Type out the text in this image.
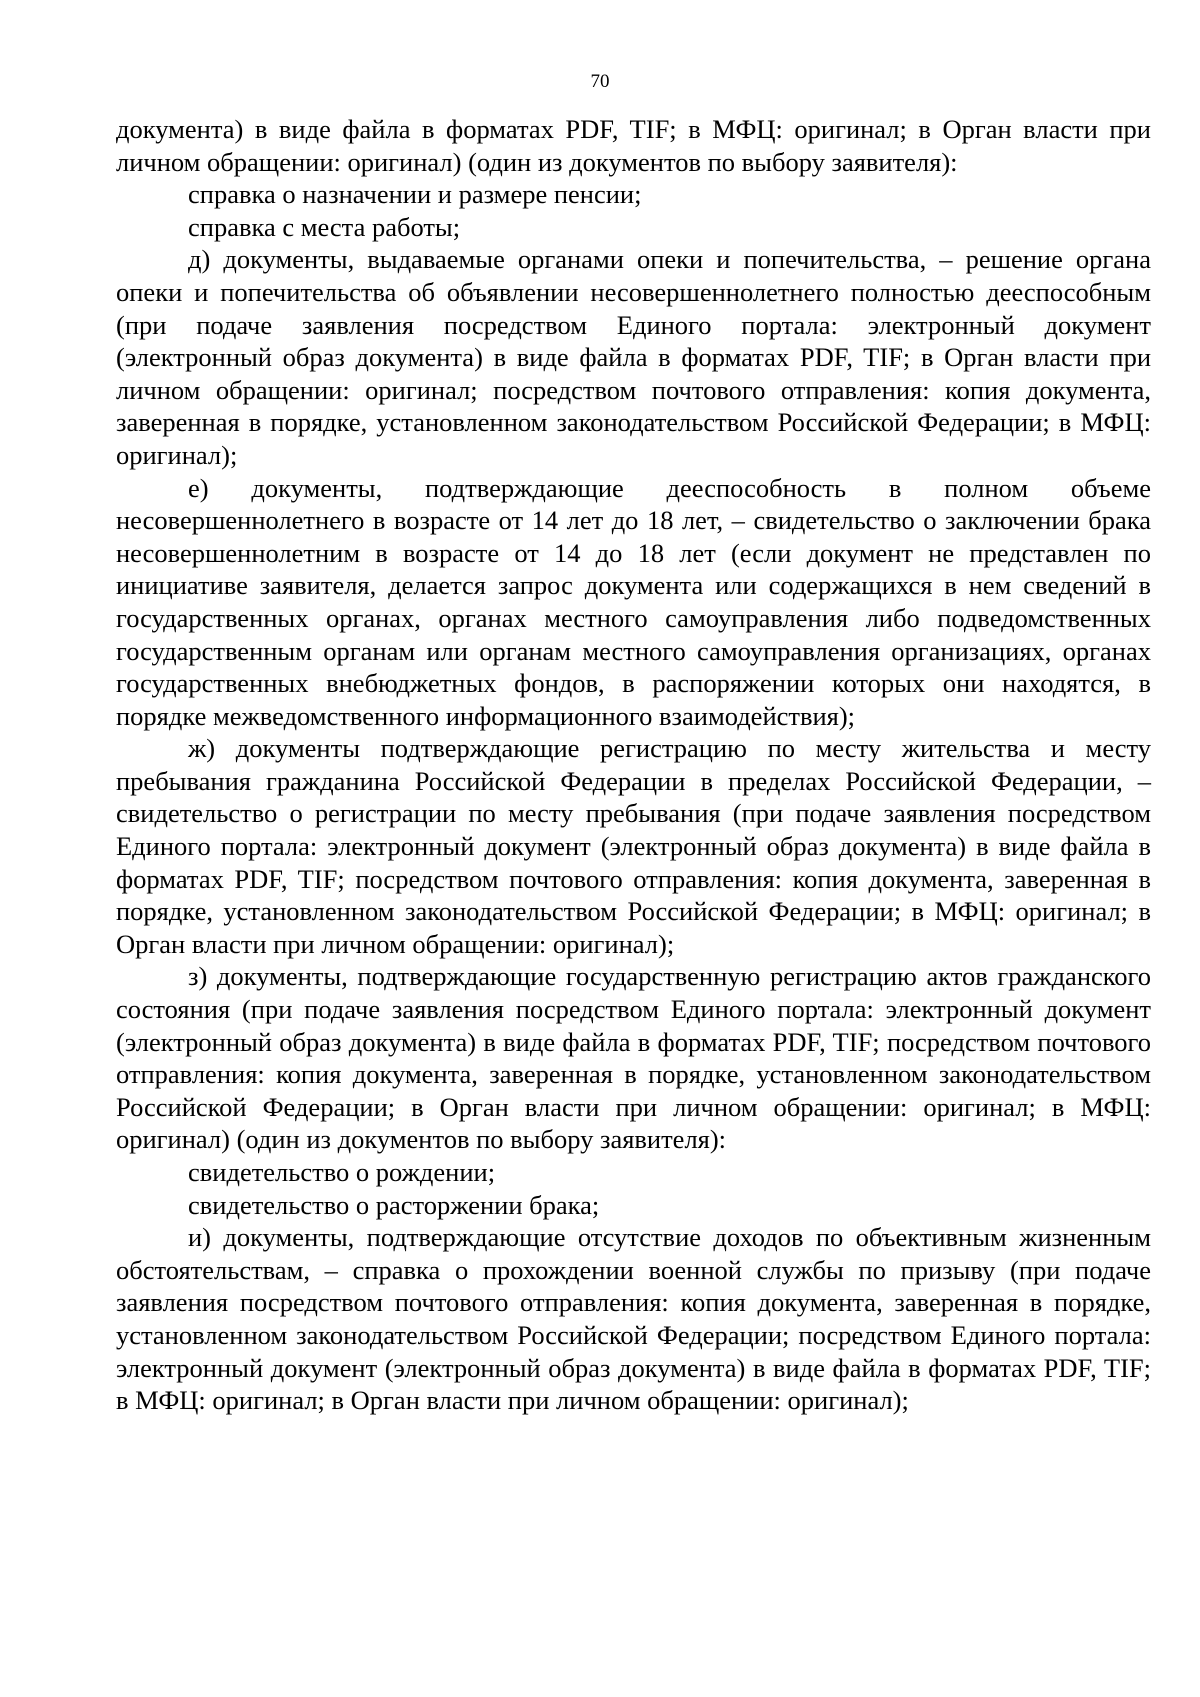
70

документа) в виде файла в форматах PDF, TIF; в МФЦ: оригинал; в Орган власти при личном обращении: оригинал) (один из документов по выбору заявителя):

справка о назначении и размере пенсии;

справка с места работы;

д) документы, выдаваемые органами опеки и попечительства, – решение органа опеки и попечительства об объявлении несовершеннолетнего полностью дееспособным (при подаче заявления посредством Единого портала: электронный документ (электронный образ документа) в виде файла в форматах PDF, TIF; в Орган власти при личном обращении: оригинал; посредством почтового отправления: копия документа, заверенная в порядке, установленном законодательством Российской Федерации; в МФЦ: оригинал);

е) документы, подтверждающие дееспособность в полном объеме несовершеннолетнего в возрасте от 14 лет до 18 лет, – свидетельство о заключении брака несовершеннолетним в возрасте от 14 до 18 лет (если документ не представлен по инициативе заявителя, делается запрос документа или содержащихся в нем сведений в государственных органах, органах местного самоуправления либо подведомственных государственным органам или органам местного самоуправления организациях, органах государственных внебюджетных фондов, в распоряжении которых они находятся, в порядке межведомственного информационного взаимодействия);

ж) документы подтверждающие регистрацию по месту жительства и месту пребывания гражданина Российской Федерации в пределах Российской Федерации, – свидетельство о регистрации по месту пребывания (при подаче заявления посредством Единого портала: электронный документ (электронный образ документа) в виде файла в форматах PDF, TIF; посредством почтового отправления: копия документа, заверенная в порядке, установленном законодательством Российской Федерации; в МФЦ: оригинал; в Орган власти при личном обращении: оригинал);

з) документы, подтверждающие государственную регистрацию актов гражданского состояния (при подаче заявления посредством Единого портала: электронный документ (электронный образ документа) в виде файла в форматах PDF, TIF; посредством почтового отправления: копия документа, заверенная в порядке, установленном законодательством Российской Федерации; в Орган власти при личном обращении: оригинал; в МФЦ: оригинал) (один из документов по выбору заявителя):

свидетельство о рождении;

свидетельство о расторжении брака;

и) документы, подтверждающие отсутствие доходов по объективным жизненным обстоятельствам, – справка о прохождении военной службы по призыву (при подаче заявления посредством почтового отправления: копия документа, заверенная в порядке, установленном законодательством Российской Федерации; посредством Единого портала: электронный документ (электронный образ документа) в виде файла в форматах PDF, TIF; в МФЦ: оригинал; в Орган власти при личном обращении: оригинал);
